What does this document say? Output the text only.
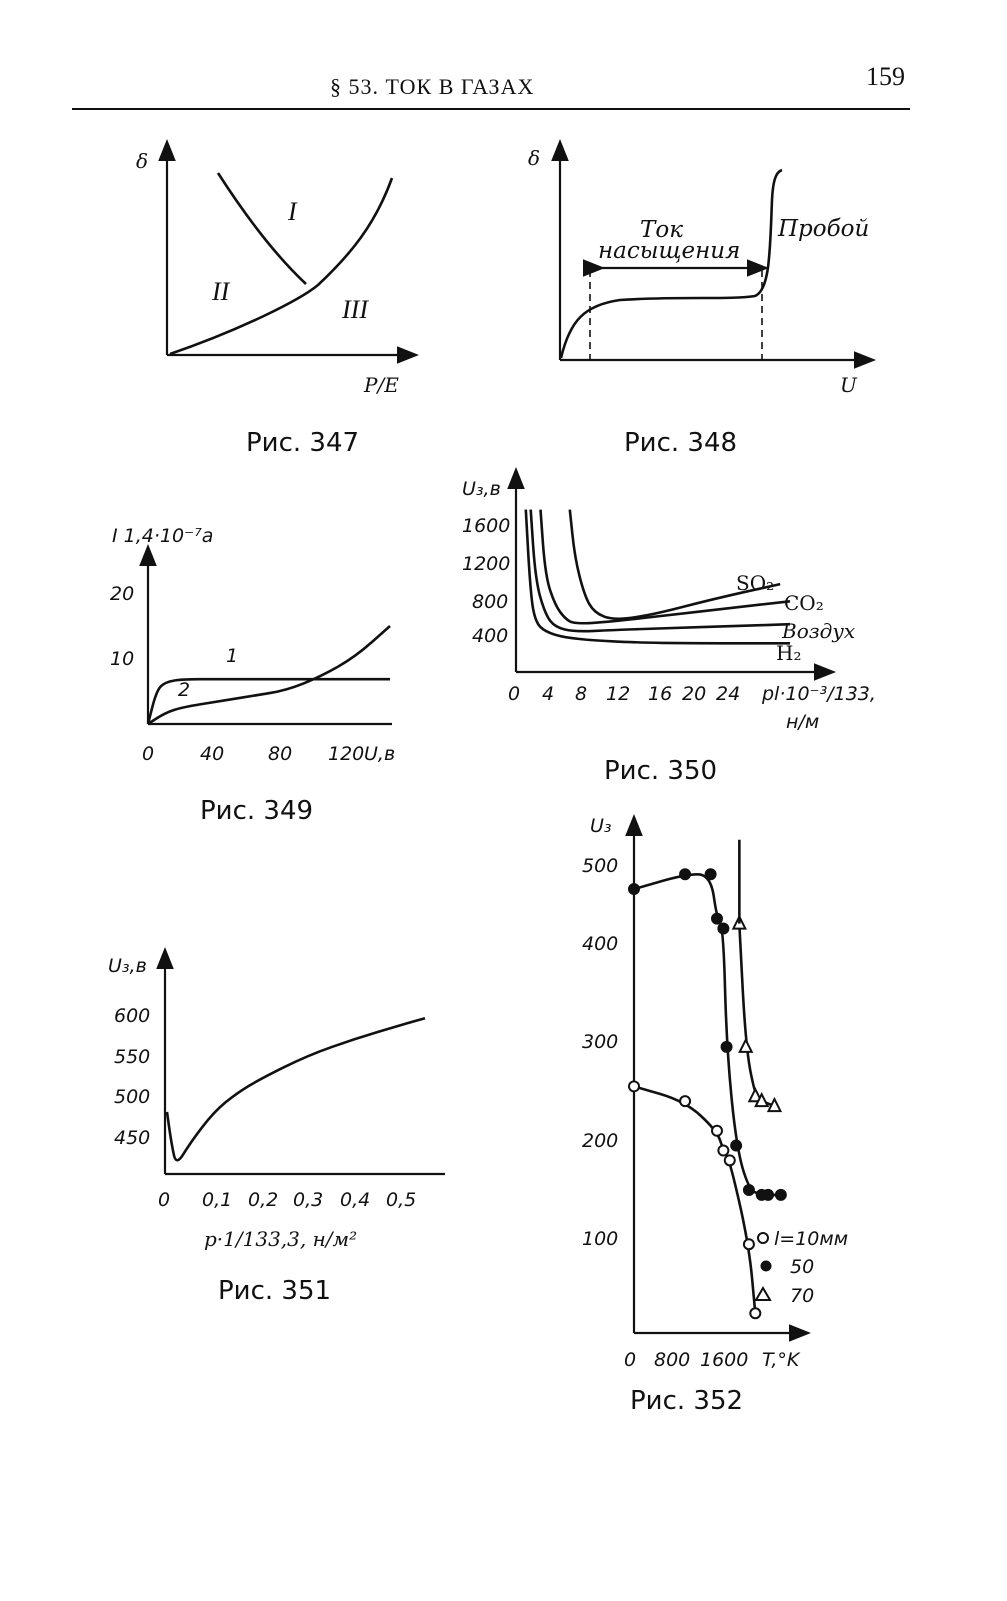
§ 53. ТОК В ГАЗАХ	159
δ
P/E
I
II
III
Рис. 347
δ
U
Ток
насыщения
Пробой
Рис. 348
I 1,4·10⁻⁷а
0 40 80 120 U,в
10
20
1
2
Рис. 349
U₃,в
1600
1200
800
400
0 4 8 12 16 20 24 pl·10⁻³/133,
н/м
SO₂
CO₂
Воздух
H₂
Рис. 350
U₃,в
600
550
500
450
0 0,1 0,2 0,3 0,4 0,5
p·1/133,3, н/м²
Рис. 351
U₃
500
400
300
200
100
0 800 1600 T,°K
l=10мм
50
70
Рис. 352
